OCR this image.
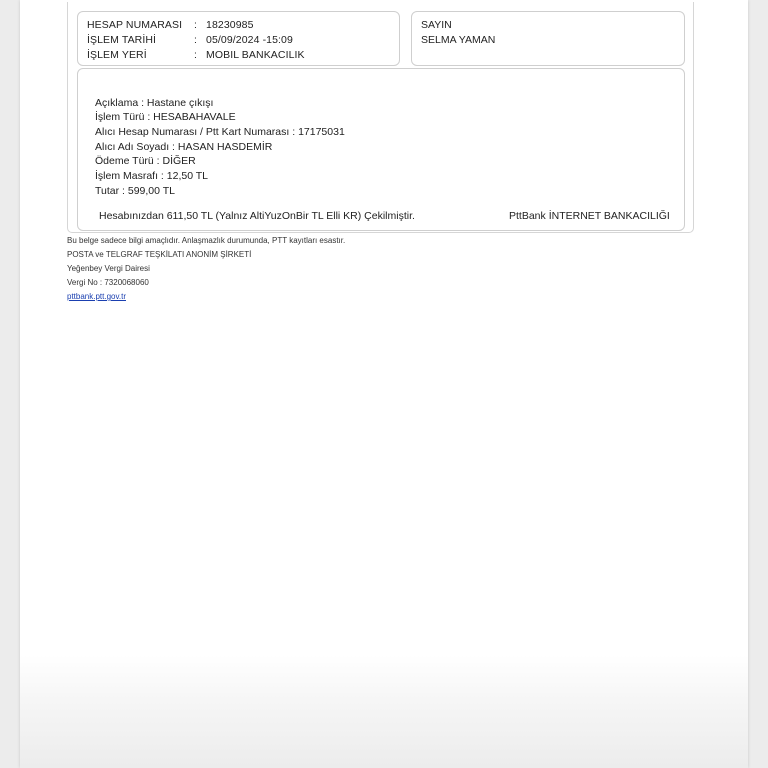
HESAP NUMARASI : 18230985
İŞLEM TARİHİ	: 05/09/2024 -15:09
İŞLEM YERİ	: MOBIL BANKACILIK
SAYIN
SELMA YAMAN
Açıklama : Hastane çıkışı
İşlem Türü : HESABAHAVALE
Alıcı Hesap Numarası / Ptt Kart Numarası : 17175031
Alıcı Adı Soyadı : HASAN HASDEMİR
Ödeme Türü : DİĞER
İşlem Masrafı : 12,50 TL
Tutar : 599,00 TL
Hesabınızdan 611,50 TL (Yalnız AltiYuzOnBir TL Elli KR) Çekilmiştir.	PttBank İNTERNET BANKACILIĞI
Bu belge sadece bilgi amaçlıdır. Anlaşmazlık durumunda, PTT kayıtları esastır.
POSTA ve TELGRAF TEŞKİLATI ANONİM ŞİRKETİ
Yeğenbey Vergi Dairesi
Vergi No : 7320068060
pttbank.ptt.gov.tr
